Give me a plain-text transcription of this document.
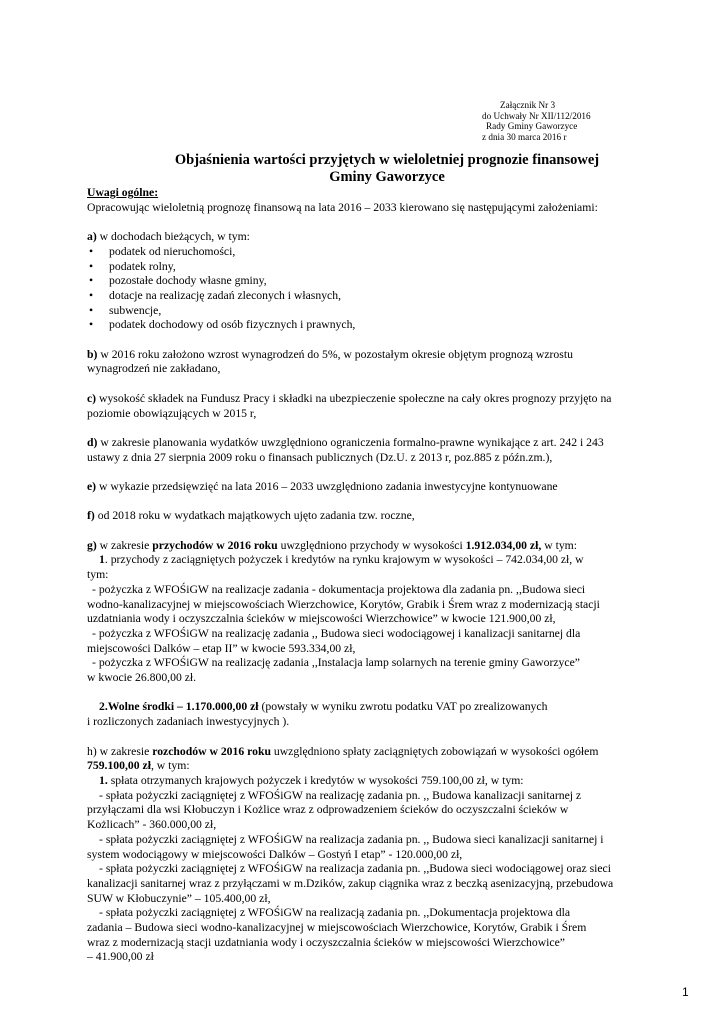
Załącznik Nr 3
do Uchwały Nr XII/112/2016
Rady Gminy Gaworzyce
z dnia 30 marca 2016 r
Objaśnienia wartości przyjętych w wieloletniej prognozie finansowej
Gminy Gaworzyce

Uwagi ogólne:

Opracowując wieloletnią prognozę finansową na lata 2016 – 2033 kierowano się następującymi założeniami:

a) w dochodach bieżących, w tym:

• podatek od nieruchomości,
• podatek rolny,
• pozostałe dochody własne gminy,
• dotacje na realizację zadań zleconych i własnych,
• subwencje,
• podatek dochodowy od osób fizycznych i prawnych,

b) w 2016 roku założono wzrost wynagrodzeń do 5%, w pozostałym okresie objętym prognozą wzrostu

wynagrodzeń nie zakładano,

c) wysokość składek na Fundusz Pracy i składki na ubezpieczenie społeczne na cały okres prognozy przyjęto na

poziomie obowiązujących w 2015 r,

d) w zakresie planowania wydatków uwzględniono ograniczenia formalno-prawne wynikające z art. 242 i 243

ustawy z dnia 27 sierpnia 2009 roku o finansach publicznych (Dz.U. z 2013 r, poz.885 z późn.zm.),

e) w wykazie przedsięwzięć na lata 2016 – 2033 uwzględniono zadania inwestycyjne kontynuowane

f) od 2018 roku w wydatkach majątkowych ujęto zadania tzw. roczne,

g) w zakresie przychodów w 2016 roku uwzględniono przychody w wysokości 1.912.034,00 zł, w tym:

1. przychody z zaciągniętych pożyczek i kredytów na rynku krajowym w wysokości – 742.034,00 zł, w

tym:

- pożyczka z WFOŚiGW na realizacje zadania - dokumentacja projektowa dla zadania pn. ,,Budowa sieci

wodno-kanalizacyjnej w miejscowościach Wierzchowice, Korytów, Grabik i Śrem wraz z modernizacją stacji

uzdatniania wody i oczyszczalnia ścieków w miejscowości Wierzchowice” w kwocie 121.900,00 zł,

- pożyczka z WFOŚiGW na realizację zadania ,, Budowa sieci wodociągowej i kanalizacji sanitarnej dla

miejscowości Dalków – etap II” w kwocie 593.334,00 zł,

- pożyczka z WFOŚiGW na realizację zadania ,,Instalacja lamp solarnych na terenie gminy Gaworzyce”

w kwocie 26.800,00 zł.

2.Wolne środki – 1.170.000,00 zł (powstały w wyniku zwrotu podatku VAT po zrealizowanych

i rozliczonych zadaniach inwestycyjnych ).

h) w zakresie rozchodów w 2016 roku uwzględniono spłaty zaciągniętych zobowiązań w wysokości ogółem

759.100,00 zł, w tym:

1. spłata otrzymanych krajowych pożyczek i kredytów w wysokości 759.100,00 zł, w tym:

- spłata pożyczki zaciągniętej z WFOŚiGW na realizację zadania pn. ,, Budowa kanalizacji sanitarnej z

przyłączami dla wsi Kłobuczyn i Kożlice wraz z odprowadzeniem ścieków do oczyszczalni ścieków w

Kożlicach” - 360.000,00 zł,

- spłata pożyczki zaciągniętej z WFOŚiGW na realizacja zadania pn. ,, Budowa sieci kanalizacji sanitarnej i

system wodociągowy w miejscowości Dalków – Gostyń I etap” - 120.000,00 zł,

- spłata pożyczki zaciągniętej z WFOŚiGW na realizacja zadania pn. ,,Budowa sieci wodociągowej oraz sieci

kanalizacji sanitarnej wraz z przyłączami w m.Dzików, zakup ciągnika wraz z beczką asenizacyjną, przebudowa

SUW w Kłobuczynie” – 105.400,00 zł,

- spłata pożyczki zaciągniętej z WFOŚiGW na realizacją zadania pn. ,,Dokumentacja projektowa dla

zadania – Budowa sieci wodno-kanalizacyjnej w miejscowościach Wierzchowice, Korytów, Grabik i Śrem

wraz z modernizacją stacji uzdatniania wody i oczyszczalnia ścieków w miejscowości Wierzchowice”

– 41.900,00 zł

1
